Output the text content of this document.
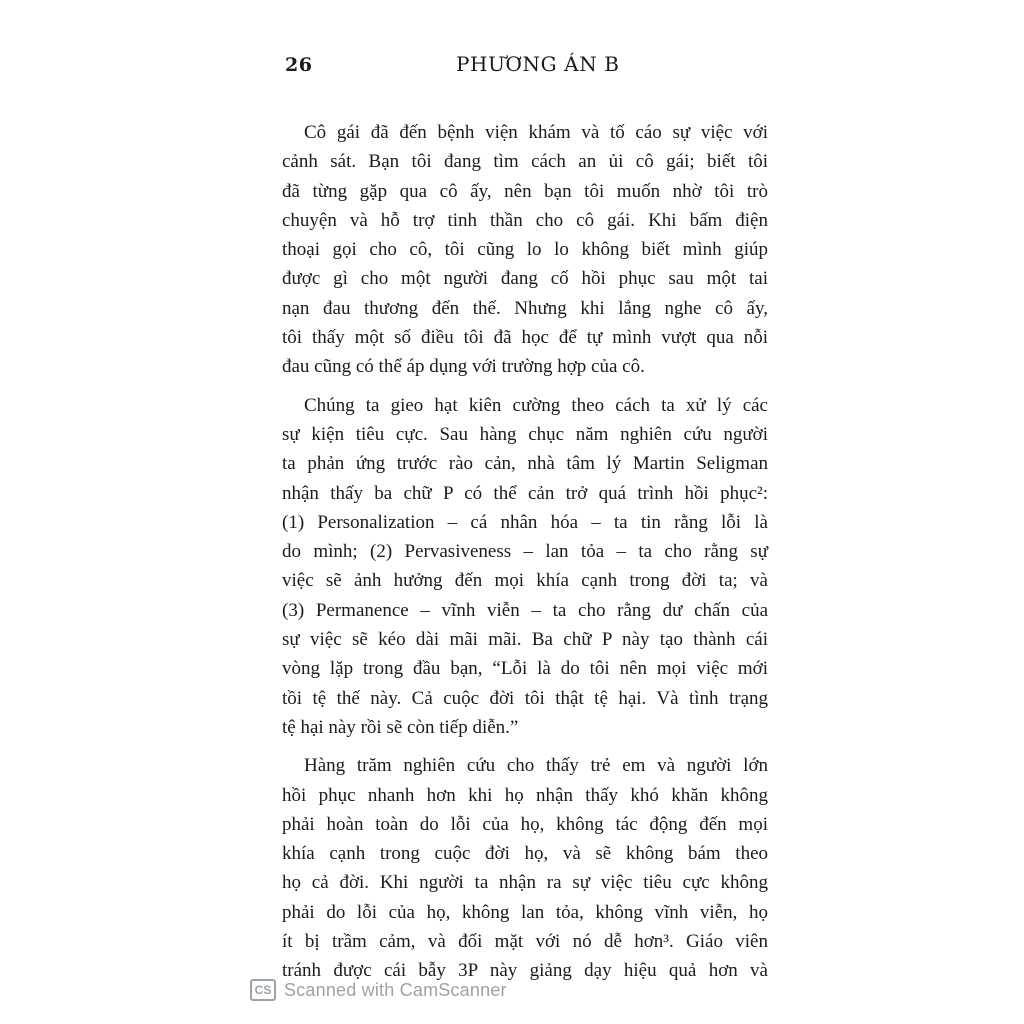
26	PHƯƠNG ÁN B
Cô gái đã đến bệnh viện khám và tố cáo sự việc với
cảnh sát. Bạn tôi đang tìm cách an ủi cô gái; biết tôi
đã từng gặp qua cô ấy, nên bạn tôi muốn nhờ tôi trò
chuyện và hỗ trợ tinh thần cho cô gái. Khi bấm điện
thoại gọi cho cô, tôi cũng lo lo không biết mình giúp
được gì cho một người đang cố hồi phục sau một tai
nạn đau thương đến thế. Nhưng khi lắng nghe cô ấy,
tôi thấy một số điều tôi đã học để tự mình vượt qua nỗi
đau cũng có thể áp dụng với trường hợp của cô.
Chúng ta gieo hạt kiên cường theo cách ta xử lý các
sự kiện tiêu cực. Sau hàng chục năm nghiên cứu người
ta phản ứng trước rào cản, nhà tâm lý Martin Seligman
nhận thấy ba chữ P có thể cản trở quá trình hồi phục²:
(1) Personalization – cá nhân hóa – ta tin rằng lỗi là
do mình; (2) Pervasiveness – lan tỏa – ta cho rằng sự
việc sẽ ảnh hưởng đến mọi khía cạnh trong đời ta; và
(3) Permanence – vĩnh viễn – ta cho rằng dư chấn của
sự việc sẽ kéo dài mãi mãi. Ba chữ P này tạo thành cái
vòng lặp trong đầu bạn, “Lỗi là do tôi nên mọi việc mới
tồi tệ thế này. Cả cuộc đời tôi thật tệ hại. Và tình trạng
tệ hại này rồi sẽ còn tiếp diễn.”
Hàng trăm nghiên cứu cho thấy trẻ em và người lớn
hồi phục nhanh hơn khi họ nhận thấy khó khăn không
phải hoàn toàn do lỗi của họ, không tác động đến mọi
khía cạnh trong cuộc đời họ, và sẽ không bám theo
họ cả đời. Khi người ta nhận ra sự việc tiêu cực không
phải do lỗi của họ, không lan tỏa, không vĩnh viễn, họ
ít bị trầm cảm, và đối mặt với nó dễ hơn³. Giáo viên
tránh được cái bẫy 3P này giảng dạy hiệu quả hơn và
CS Scanned with CamScanner
